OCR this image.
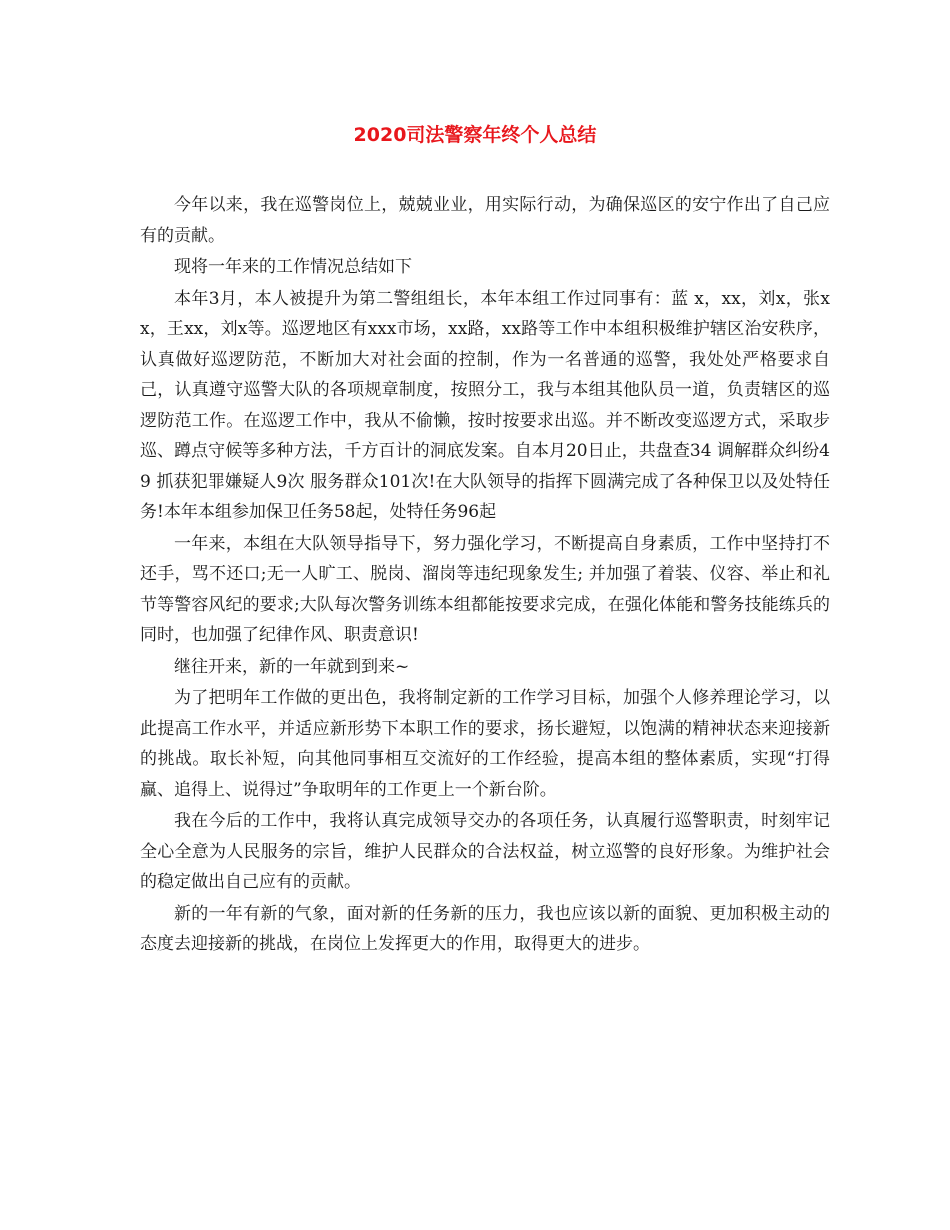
2020司法警察年终个人总结

今年以来，我在巡警岗位上，兢兢业业，用实际行动，为确保巡区的安宁作出了自己应有的贡献。

现将一年来的工作情况总结如下

本年3月，本人被提升为第二警组组长，本年本组工作过同事有：蓝 x，xx，刘x，张xx，王xx，刘x等。巡逻地区有xxx市场，xx路，xx路等工作中本组积极维护辖区治安秩序，认真做好巡逻防范，不断加大对社会面的控制，作为一名普通的巡警，我处处严格要求自己，认真遵守巡警大队的各项规章制度，按照分工，我与本组其他队员一道，负责辖区的巡逻防范工作。在巡逻工作中，我从不偷懒，按时按要求出巡。并不断改变巡逻方式，采取步巡、蹲点守候等多种方法，千方百计的洞底发案。自本月20日止，共盘查34 调解群众纠纷49 抓获犯罪嫌疑人9次 服务群众101次!在大队领导的指挥下圆满完成了各种保卫以及处特任务!本年本组参加保卫任务58起，处特任务96起

一年来，本组在大队领导指导下，努力强化学习，不断提高自身素质，工作中坚持打不还手，骂不还口;无一人旷工、脱岗、溜岗等违纪现象发生; 并加强了着装、仪容、举止和礼节等警容风纪的要求;大队每次警务训练本组都能按要求完成，在强化体能和警务技能练兵的同时，也加强了纪律作风、职责意识!

继往开来，新的一年就到到来~

为了把明年工作做的更出色，我将制定新的工作学习目标，加强个人修养理论学习，以此提高工作水平，并适应新形势下本职工作的要求，扬长避短，以饱满的精神状态来迎接新的挑战。取长补短，向其他同事相互交流好的工作经验，提高本组的整体素质，实现“打得赢、追得上、说得过”争取明年的工作更上一个新台阶。

我在今后的工作中，我将认真完成领导交办的各项任务，认真履行巡警职责，时刻牢记全心全意为人民服务的宗旨，维护人民群众的合法权益，树立巡警的良好形象。为维护社会的稳定做出自己应有的贡献。

新的一年有新的气象，面对新的任务新的压力，我也应该以新的面貌、更加积极主动的态度去迎接新的挑战，在岗位上发挥更大的作用，取得更大的进步。
